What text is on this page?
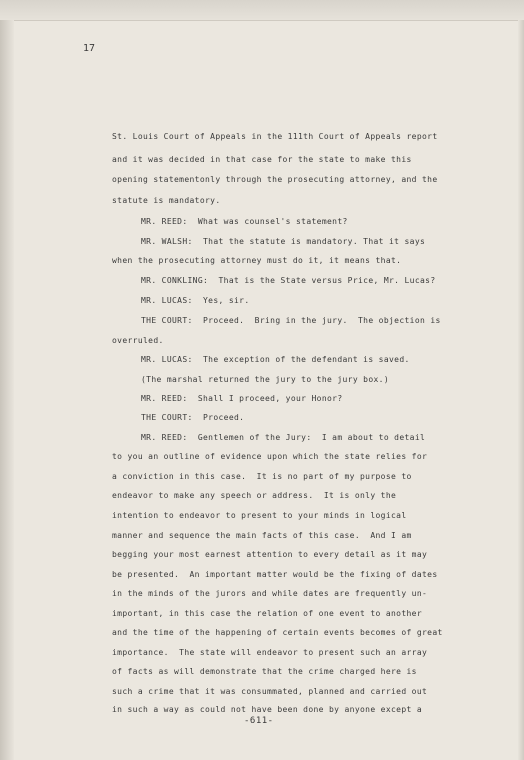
17
St. Louis Court of Appeals in the 111th Court of Appeals report
and it was decided in that case for the state to make this
opening statementonly through the prosecuting attorney, and the
statute is mandatory.
MR. REED:  What was counsel's statement?
MR. WALSH:  That the statute is mandatory. That it says
when the prosecuting attorney must do it, it means that.
MR. CONKLING:  That is the State versus Price, Mr. Lucas?
MR. LUCAS:  Yes, sir.
THE COURT:  Proceed.  Bring in the jury.  The objection is
overruled.
MR. LUCAS:  The exception of the defendant is saved.
(The marshal returned the jury to the jury box.)
MR. REED:  Shall I proceed, your Honor?
THE COURT:  Proceed.
MR. REED:  Gentlemen of the Jury:  I am about to detail
to you an outline of evidence upon which the state relies for
a conviction in this case.  It is no part of my purpose to
endeavor to make any speech or address.  It is only the
intention to endeavor to present to your minds in logical
manner and sequence the main facts of this case.  And I am
begging your most earnest attention to every detail as it may
be presented.  An important matter would be the fixing of dates
in the minds of the jurors and while dates are frequently un-
important, in this case the relation of one event to another
and the time of the happening of certain events becomes of great
importance.  The state will endeavor to present such an array
of facts as will demonstrate that the crime charged here is
such a crime that it was consummated, planned and carried out
in such a way as could not have been done by anyone except a
-611-
